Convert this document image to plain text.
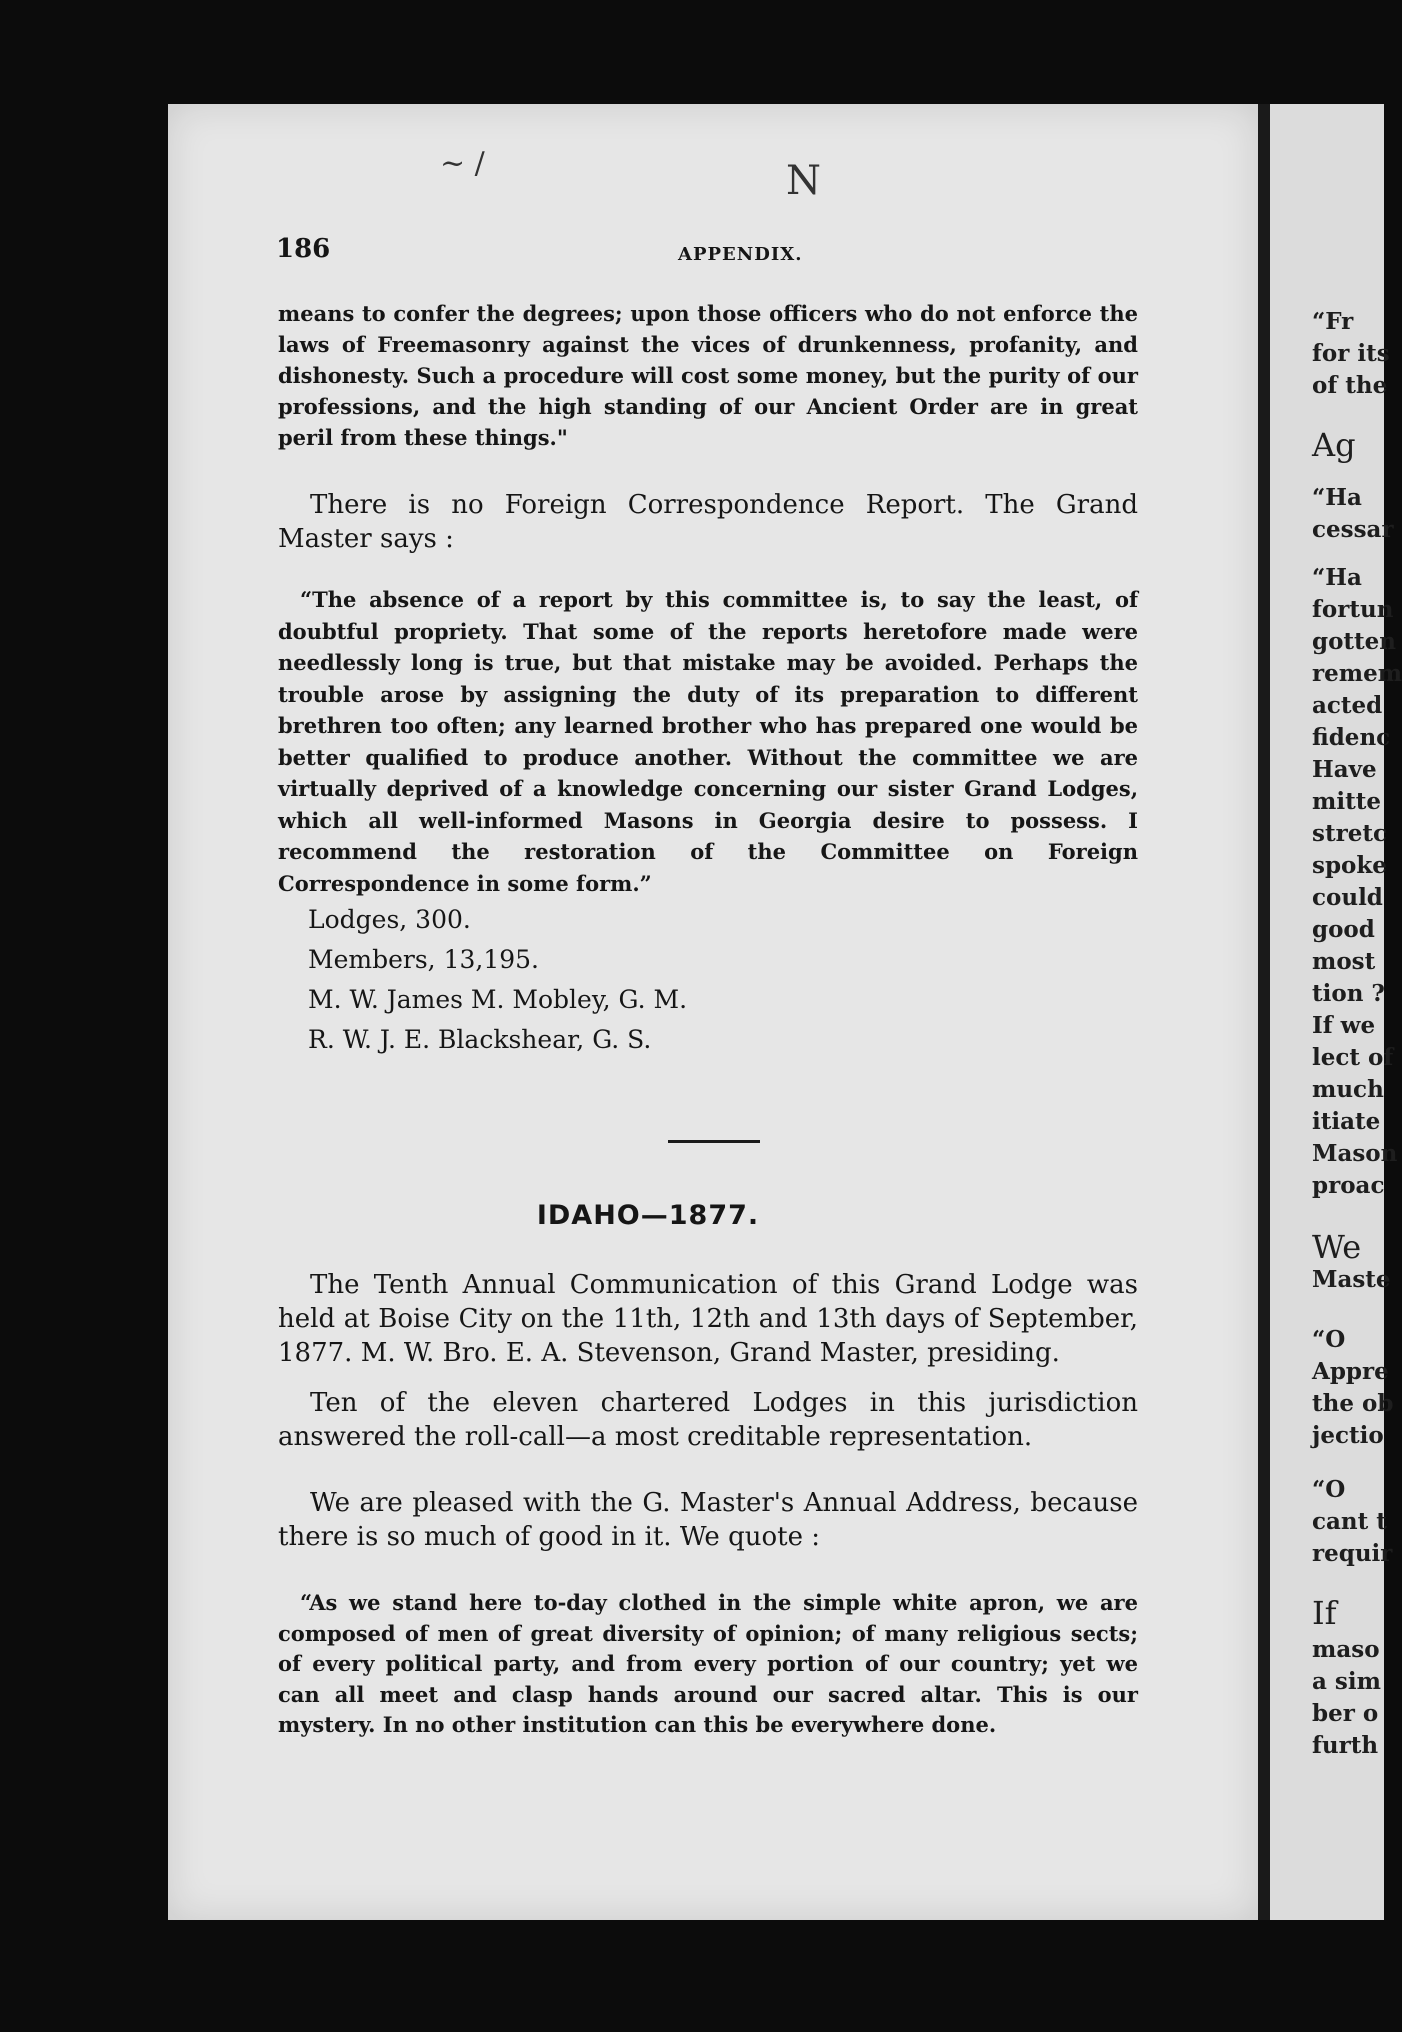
~ /	N
186	APPENDIX.

means to confer the degrees; upon those officers who do not enforce the laws of Freemasonry against the vices of drunkenness, profanity, and dishonesty. Such a procedure will cost some money, but the purity of our professions, and the high standing of our Ancient Order are in great peril from these things."

There is no Foreign Correspondence Report. The Grand Master says :

“The absence of a report by this committee is, to say the least, of doubtful propriety. That some of the reports heretofore made were needlessly long is true, but that mistake may be avoided. Perhaps the trouble arose by assigning the duty of its preparation to different brethren too often; any learned brother who has prepared one would be better qualified to produce another. Without the committee we are virtually deprived of a knowledge concerning our sister Grand Lodges, which all well-informed Masons in Georgia desire to possess. I recommend the restoration of the Committee on Foreign Correspondence in some form.”

Lodges, 300.
Members, 13,195.
M. W. James M. Mobley, G. M.
R. W. J. E. Blackshear, G. S.
IDAHO—1877.

The Tenth Annual Communication of this Grand Lodge was held at Boise City on the 11th, 12th and 13th days of September, 1877. M. W. Bro. E. A. Stevenson, Grand Master, presiding.

Ten of the eleven chartered Lodges in this jurisdiction answered the roll-call—a most creditable representation.

We are pleased with the G. Master's Annual Address, because there is so much of good in it. We quote :

“As we stand here to-day clothed in the simple white apron, we are composed of men of great diversity of opinion; of many religious sects; of every political party, and from every portion of our country; yet we can all meet and clasp hands around our sacred altar. This is our mystery. In no other institution can this be everywhere done.

“Fr
for its
of the
Ag
“Ha
cessar
“Ha
fortun
gotten
remem
acted
fidenc
Have
mitte
stretc
spoke
could
good
most
tion ?
If we
lect of
much
itiate
Mason
proac
We
Maste
“O
Appre
the ob
jectio
“O
cant t
requir
If
maso
a sim
ber o
furth
